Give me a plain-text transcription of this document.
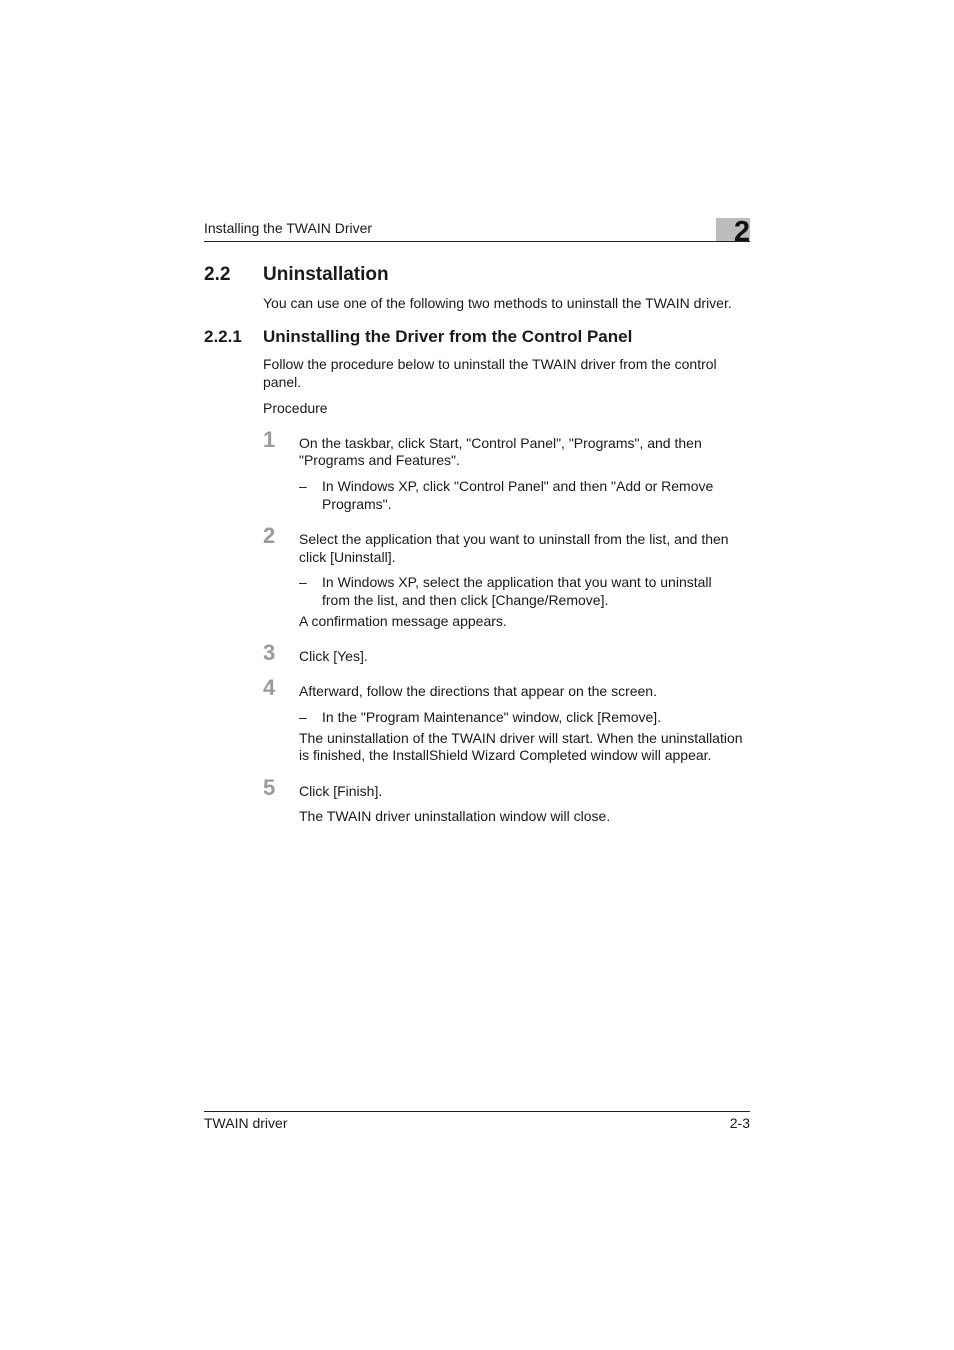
Installing the TWAIN Driver	2
2.2 Uninstallation
You can use one of the following two methods to uninstall the TWAIN driver.
2.2.1 Uninstalling the Driver from the Control Panel
Follow the procedure below to uninstall the TWAIN driver from the control
panel.
Procedure
1 On the taskbar, click Start, "Control Panel", "Programs", and then
"Programs and Features".
– In Windows XP, click "Control Panel" and then "Add or Remove
Programs".
2 Select the application that you want to uninstall from the list, and then
click [Uninstall].
– In Windows XP, select the application that you want to uninstall
from the list, and then click [Change/Remove].
A confirmation message appears.
3 Click [Yes].
4 Afterward, follow the directions that appear on the screen.
– In the "Program Maintenance" window, click [Remove].
The uninstallation of the TWAIN driver will start. When the uninstallation
is finished, the InstallShield Wizard Completed window will appear.
5 Click [Finish].
The TWAIN driver uninstallation window will close.
TWAIN driver	2-3
